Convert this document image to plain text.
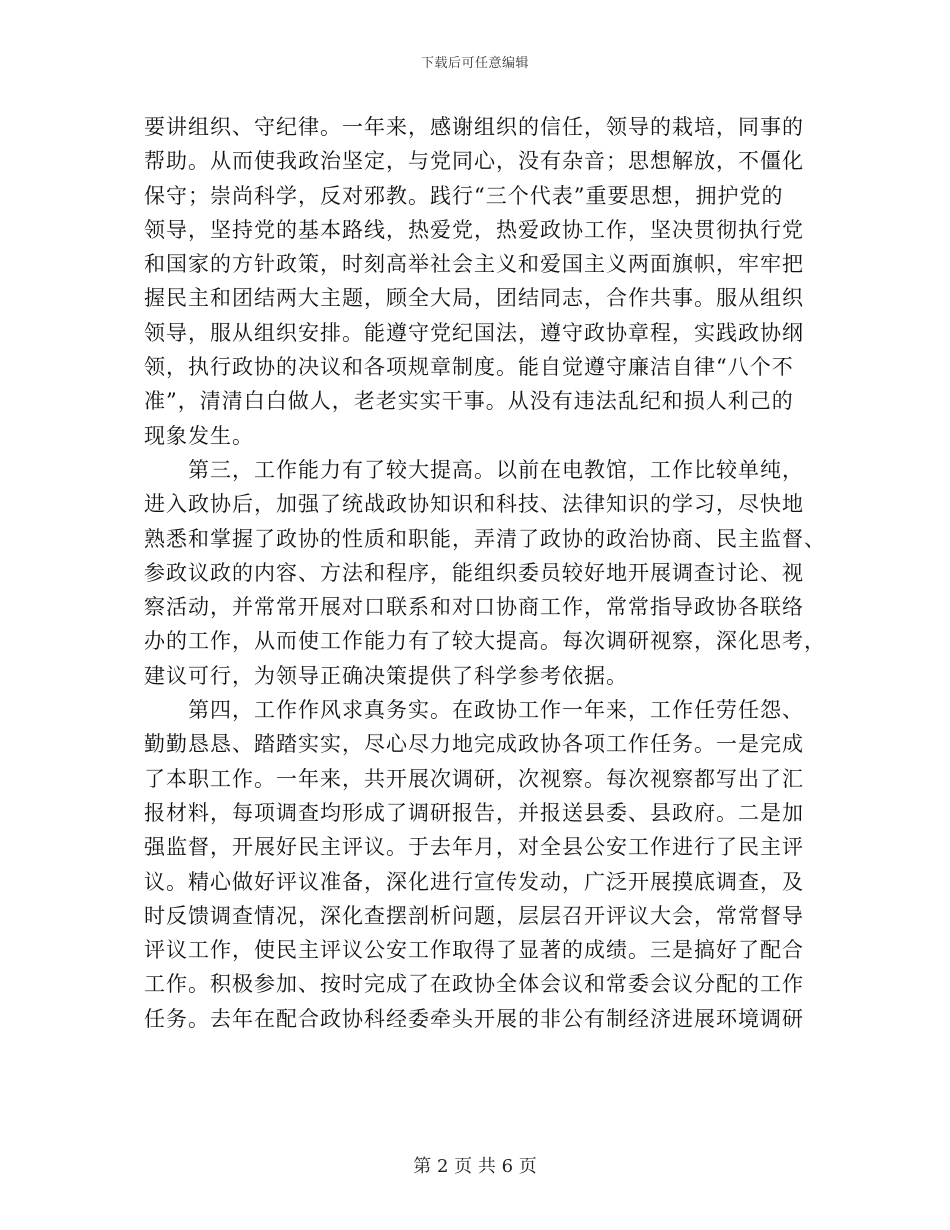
下载后可任意编辑
要讲组织、守纪律。一年来，感谢组织的信任，领导的栽培，同事的
帮助。从而使我政治坚定，与党同心，没有杂音；思想解放，不僵化
保守；崇尚科学，反对邪教。践行“三个代表”重要思想，拥护党的
领导，坚持党的基本路线，热爱党，热爱政协工作，坚决贯彻执行党
和国家的方针政策，时刻高举社会主义和爱国主义两面旗帜，牢牢把
握民主和团结两大主题，顾全大局，团结同志，合作共事。服从组织
领导，服从组织安排。能遵守党纪国法，遵守政协章程，实践政协纲
领，执行政协的决议和各项规章制度。能自觉遵守廉洁自律“八个不
准”，清清白白做人，老老实实干事。从没有违法乱纪和损人利己的
现象发生。
　　第三，工作能力有了较大提高。以前在电教馆，工作比较单纯，
进入政协后，加强了统战政协知识和科技、法律知识的学习，尽快地
熟悉和掌握了政协的性质和职能，弄清了政协的政治协商、民主监督、
参政议政的内容、方法和程序，能组织委员较好地开展调查讨论、视
察活动，并常常开展对口联系和对口协商工作，常常指导政协各联络
办的工作，从而使工作能力有了较大提高。每次调研视察，深化思考，
建议可行，为领导正确决策提供了科学参考依据。
　　第四，工作作风求真务实。在政协工作一年来，工作任劳任怨、
勤勤恳恳、踏踏实实，尽心尽力地完成政协各项工作任务。一是完成
了本职工作。一年来，共开展次调研，次视察。每次视察都写出了汇
报材料，每项调查均形成了调研报告，并报送县委、县政府。二是加
强监督，开展好民主评议。于去年月，对全县公安工作进行了民主评
议。精心做好评议准备，深化进行宣传发动，广泛开展摸底调查，及
时反馈调查情况，深化查摆剖析问题，层层召开评议大会，常常督导
评议工作，使民主评议公安工作取得了显著的成绩。三是搞好了配合
工作。积极参加、按时完成了在政协全体会议和常委会议分配的工作
任务。去年在配合政协科经委牵头开展的非公有制经济进展环境调研
第 2 页 共 6 页
